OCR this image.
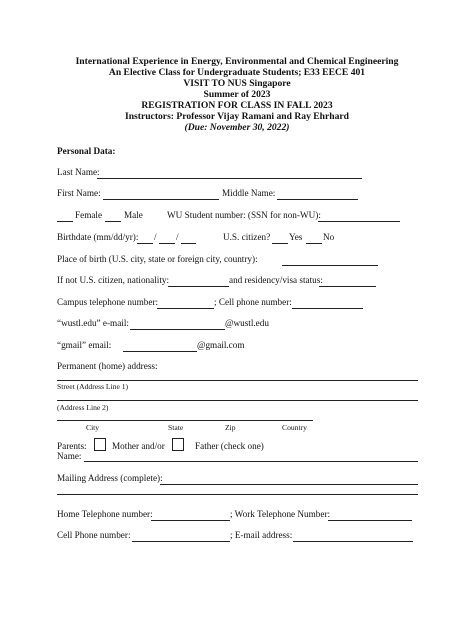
International Experience in Energy, Environmental and Chemical Engineering
An Elective Class for Undergraduate Students; E33 EECE 401
VISIT TO NUS Singapore
Summer of 2023
REGISTRATION FOR CLASS IN FALL 2023
Instructors: Professor Vijay Ramani and Ray Ehrhard
(Due: November 30, 2022)
Personal Data:
Last Name:
First Name:	Middle Name:
Female Male	WU Student number: (SSN for non-WU):
Birthdate (mm/dd/yr): / /	U.S. citizen? Yes No
Place of birth (U.S. city, state or foreign city, country):
If not U.S. citizen, nationality:	and residency/visa status:
Campus telephone number:	; Cell phone number:
“wustl.edu” e-mail:	@wustl.edu
“gmail” email:	@gmail.com
Permanent (home) address:
Street (Address Line 1)
(Address Line 2)
City	State	Zip	Country
Parents:	Mother and/or	Father (check one)
Name:
Mailing Address (complete):
Home Telephone number:	; Work Telephone Number:
Cell Phone number:	; E-mail address:
